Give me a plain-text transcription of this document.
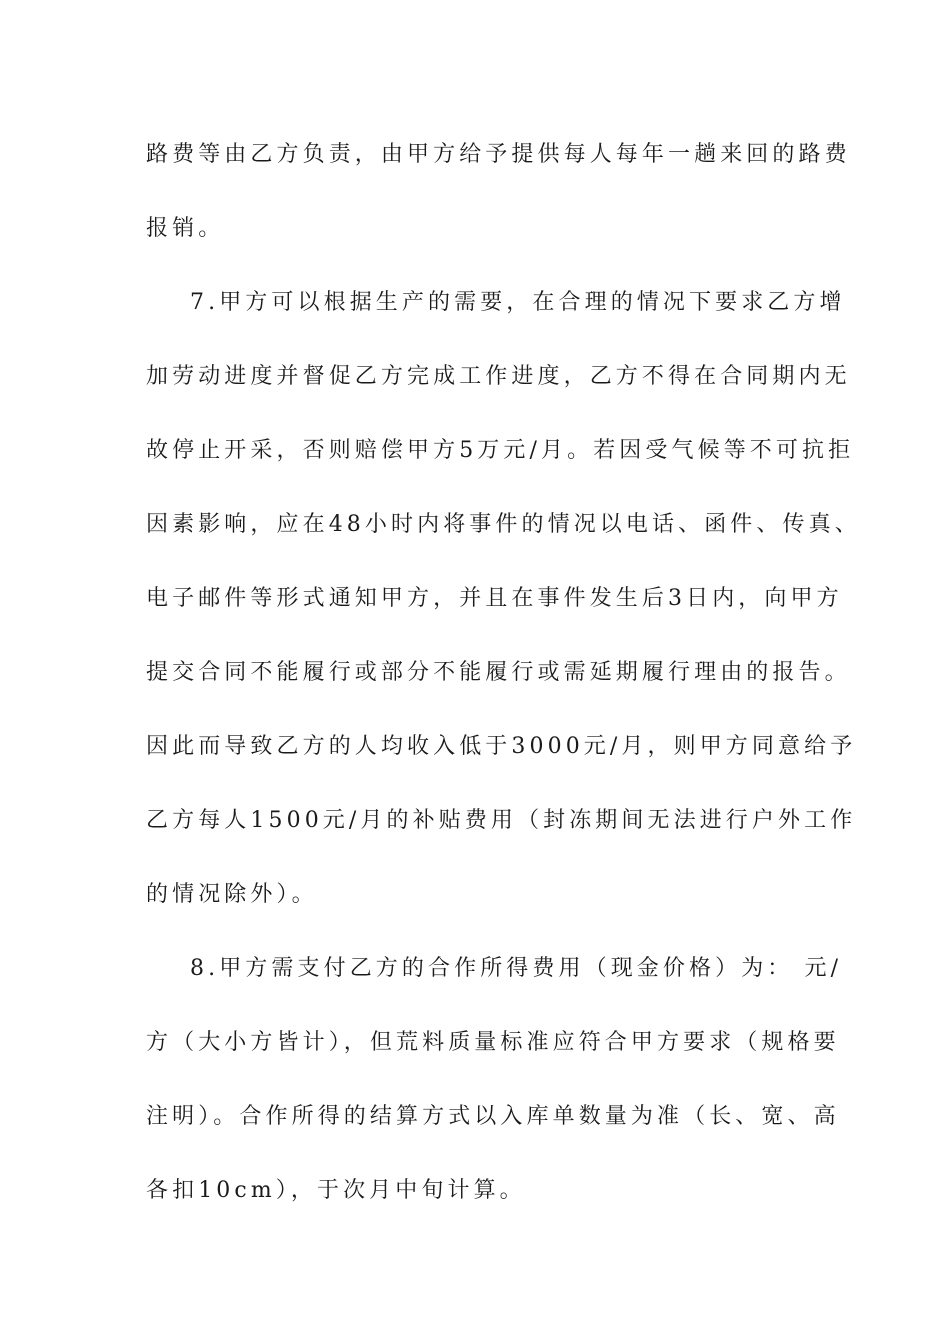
路费等由乙方负责，由甲方给予提供每人每年一趟来回的路费
报销。
7.甲方可以根据生产的需要，在合理的情况下要求乙方增
加劳动进度并督促乙方完成工作进度，乙方不得在合同期内无
故停止开采，否则赔偿甲方5万元/月。若因受气候等不可抗拒
因素影响，应在48小时内将事件的情况以电话、函件、传真、
电子邮件等形式通知甲方，并且在事件发生后3日内，向甲方
提交合同不能履行或部分不能履行或需延期履行理由的报告。
因此而导致乙方的人均收入低于3000元/月，则甲方同意给予
乙方每人1500元/月的补贴费用（封冻期间无法进行户外工作
的情况除外）。
8.甲方需支付乙方的合作所得费用（现金价格）为： 元/
方（大小方皆计），但荒料质量标准应符合甲方要求（规格要
注明）。合作所得的结算方式以入库单数量为准（长、宽、高
各扣10cm），于次月中旬计算。
